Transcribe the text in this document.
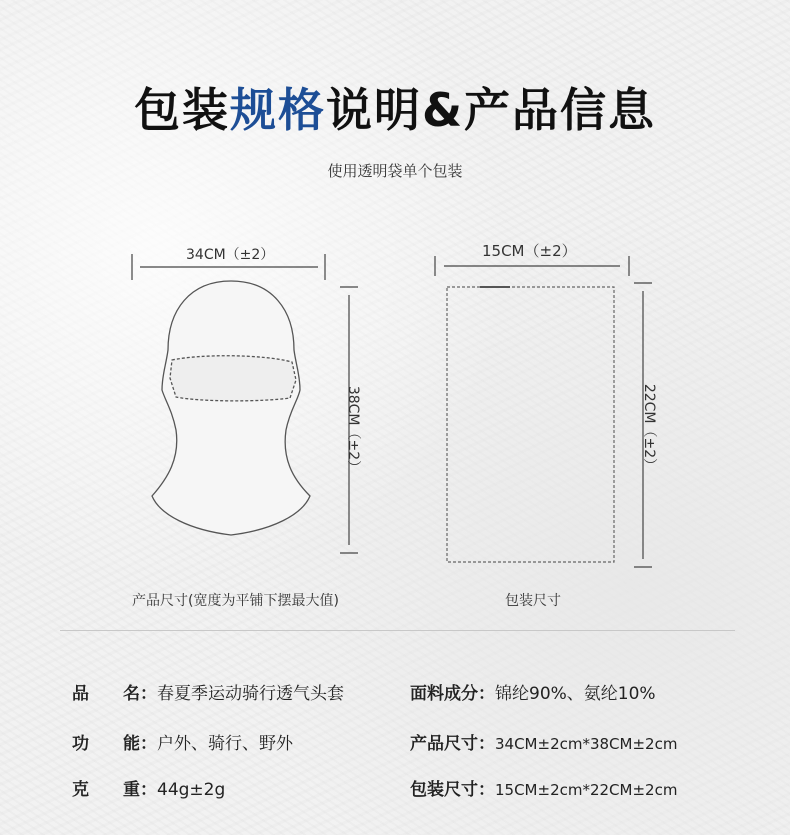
包装规格说明&产品信息
使用透明袋单个包装
34CM（±2）
38CM（±2）
产品尺寸(宽度为平铺下摆最大值)
15CM（±2）
22CM（±2）
包装尺寸
品　　名：春夏季运动骑行透气头套
功　　能：户外、骑行、野外
克　　重：44g±2g
面料成分：锦纶90%、氨纶10%
产品尺寸：34CM±2cm*38CM±2cm
包装尺寸：15CM±2cm*22CM±2cm
